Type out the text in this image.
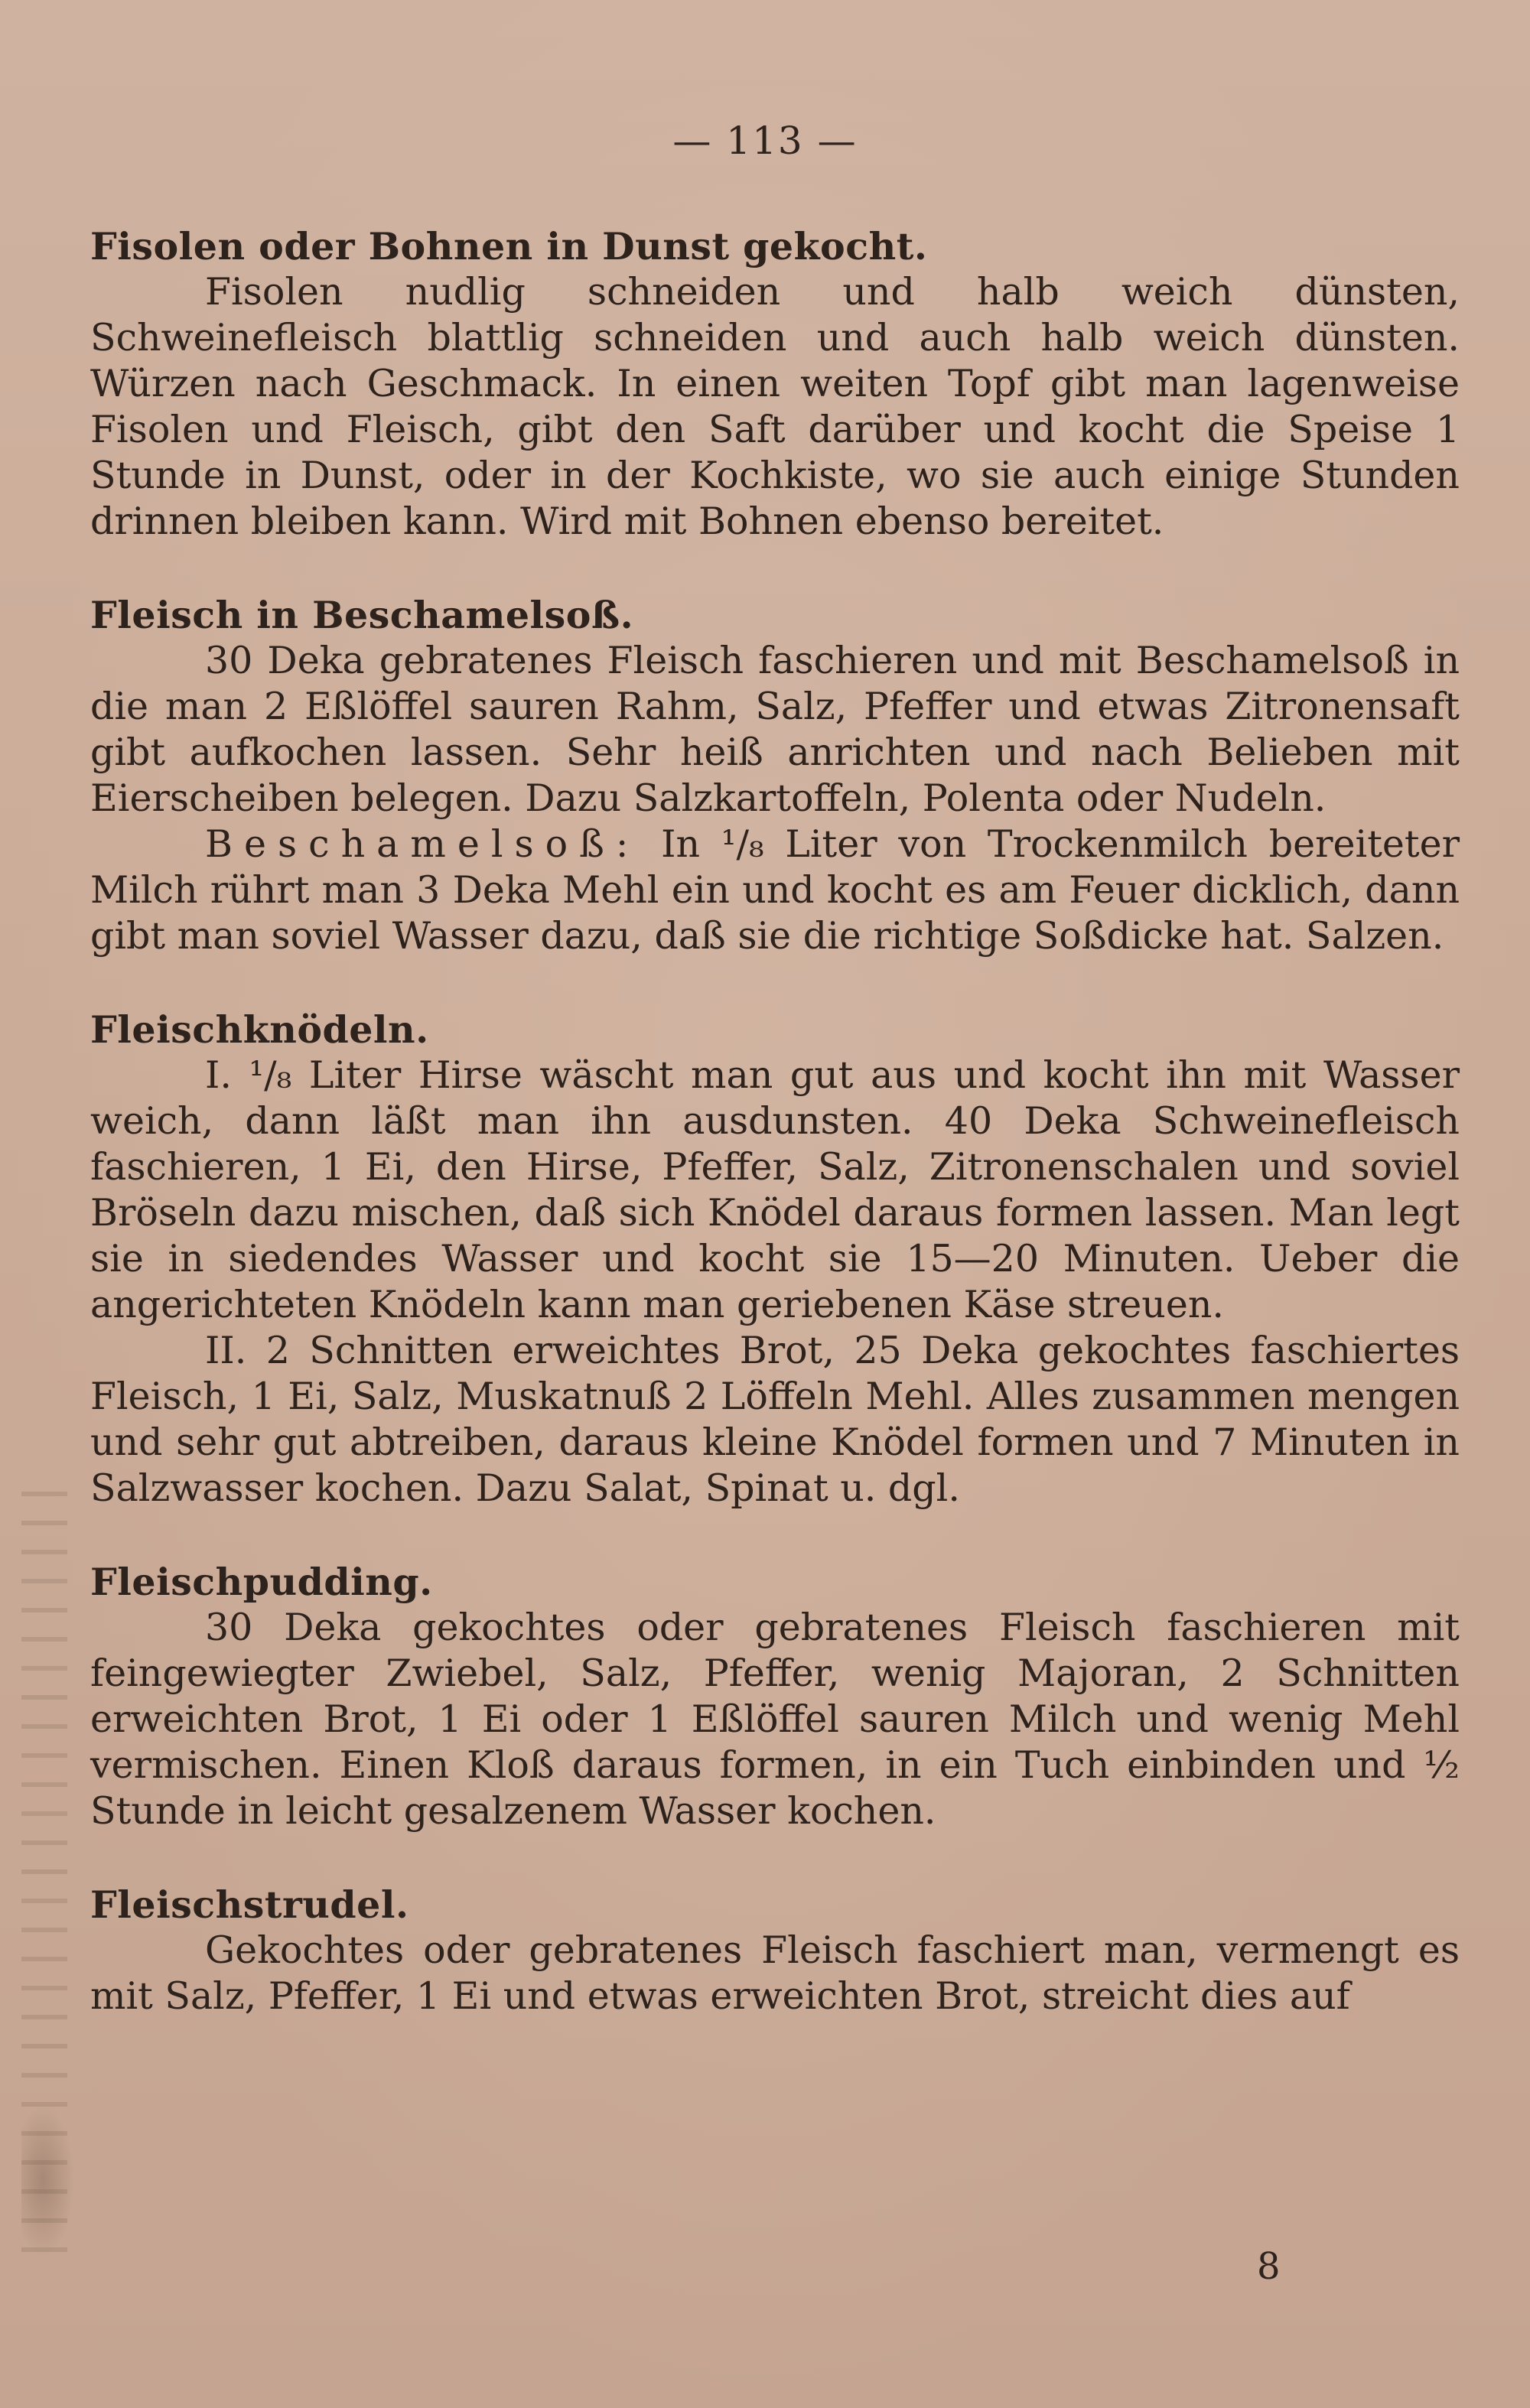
— 113 —

Fisolen oder Bohnen in Dunst gekocht.

Fisolen nudlig schneiden und halb weich dünsten, Schweinefleisch blattlig schneiden und auch halb weich dünsten. Würzen nach Geschmack. In einen weiten Topf gibt man lagenweise Fisolen und Fleisch, gibt den Saft darüber und kocht die Speise 1 Stunde in Dunst, oder in der Kochkiste, wo sie auch einige Stunden drinnen bleiben kann. Wird mit Bohnen ebenso bereitet.

Fleisch in Beschamelsoß.

30 Deka gebratenes Fleisch faschieren und mit Beschamelsoß in die man 2 Eßlöffel sauren Rahm, Salz, Pfeffer und etwas Zitronensaft gibt aufkochen lassen. Sehr heiß anrichten und nach Belieben mit Eierscheiben belegen. Dazu Salzkartoffeln, Polenta oder Nudeln.

Beschamelsoß: In ¹/₈ Liter von Trockenmilch bereiteter Milch rührt man 3 Deka Mehl ein und kocht es am Feuer dicklich, dann gibt man soviel Wasser dazu, daß sie die richtige Soßdicke hat. Salzen.

Fleischknödeln.

I. ¹/₈ Liter Hirse wäscht man gut aus und kocht ihn mit Wasser weich, dann läßt man ihn ausdunsten. 40 Deka Schweinefleisch faschieren, 1 Ei, den Hirse, Pfeffer, Salz, Zitronenschalen und soviel Bröseln dazu mischen, daß sich Knödel daraus formen lassen. Man legt sie in siedendes Wasser und kocht sie 15—20 Minuten. Ueber die angerichteten Knödeln kann man geriebenen Käse streuen.

II. 2 Schnitten erweichtes Brot, 25 Deka gekochtes faschiertes Fleisch, 1 Ei, Salz, Muskatnuß 2 Löffeln Mehl. Alles zusammen mengen und sehr gut abtreiben, daraus kleine Knödel formen und 7 Minuten in Salzwasser kochen. Dazu Salat, Spinat u. dgl.

Fleischpudding.

30 Deka gekochtes oder gebratenes Fleisch faschieren mit feingewiegter Zwiebel, Salz, Pfeffer, wenig Majoran, 2 Schnitten erweichten Brot, 1 Ei oder 1 Eßlöffel sauren Milch und wenig Mehl vermischen. Einen Kloß daraus formen, in ein Tuch einbinden und ½ Stunde in leicht gesalzenem Wasser kochen.

Fleischstrudel.

Gekochtes oder gebratenes Fleisch faschiert man, vermengt es mit Salz, Pfeffer, 1 Ei und etwas erweichten Brot, streicht dies auf

8
